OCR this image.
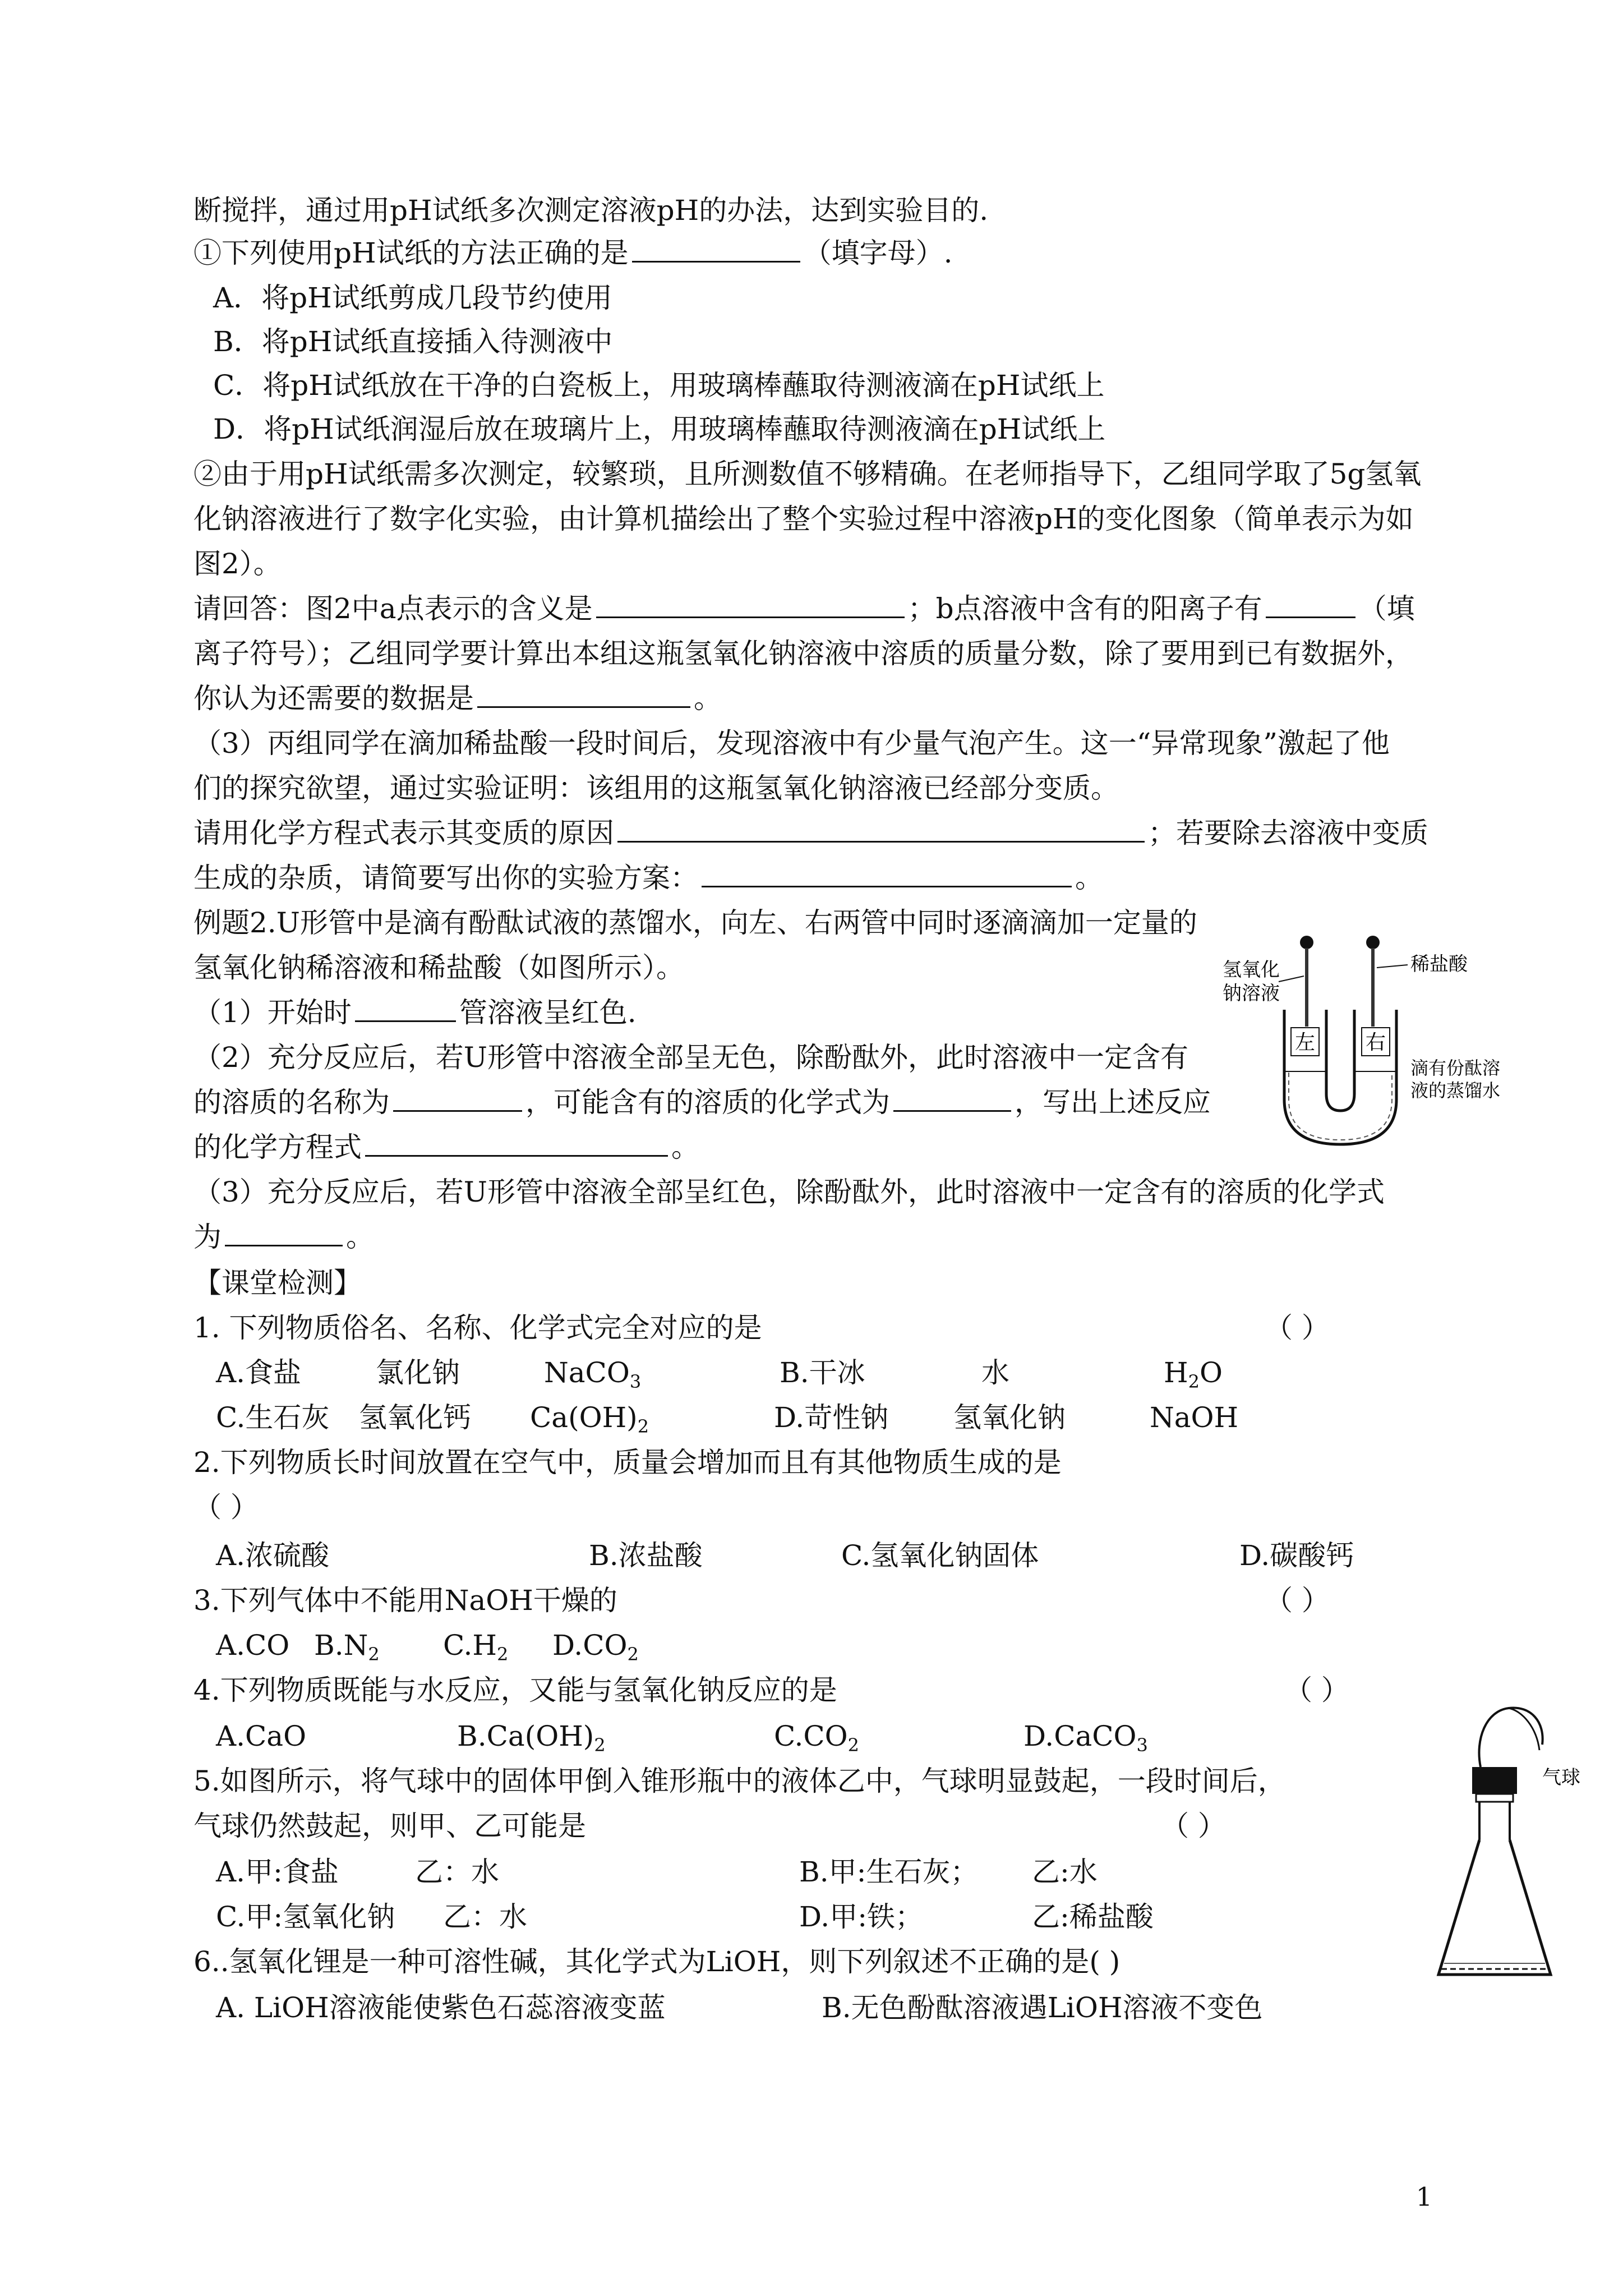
断搅拌，通过用pH试纸多次测定溶液pH的办法，达到实验目的.
①下列使用pH试纸的方法正确的是	（填字母）.
A．将pH试纸剪成几段节约使用
B．将pH试纸直接插入待测液中
C．将pH试纸放在干净的白瓷板上，用玻璃棒蘸取待测液滴在pH试纸上
D．将pH试纸润湿后放在玻璃片上，用玻璃棒蘸取待测液滴在pH试纸上
②由于用pH试纸需多次测定，较繁琐，且所测数值不够精确。在老师指导下，乙组同学取了5g氢氧
化钠溶液进行了数字化实验，由计算机描绘出了整个实验过程中溶液pH的变化图象（简单表示为如
图2）。
请回答：图2中a点表示的含义是	；b点溶液中含有的阳离子有	（填
离子符号）；乙组同学要计算出本组这瓶氢氧化钠溶液中溶质的质量分数，除了要用到已有数据外，
你认为还需要的数据是	。
（3）丙组同学在滴加稀盐酸一段时间后，发现溶液中有少量气泡产生。这一“异常现象”激起了他
们的探究欲望，通过实验证明：该组用的这瓶氢氧化钠溶液已经部分变质。
请用化学方程式表示其变质的原因	；若要除去溶液中变质
生成的杂质，请简要写出你的实验方案：	。
例题2.U形管中是滴有酚酞试液的蒸馏水，向左、右两管中同时逐滴滴加一定量的
氢氧化钠稀溶液和稀盐酸（如图所示）。
（1）开始时	管溶液呈红色.
（2）充分反应后，若U形管中溶液全部呈无色，除酚酞外，此时溶液中一定含有
的溶质的名称为	，可能含有的溶质的化学式为	，写出上述反应
的化学方程式	。
（3）充分反应后，若U形管中溶液全部呈红色，除酚酞外，此时溶液中一定含有的溶质的化学式
为	。
左 右
氢氧化
钠溶液
稀盐酸
滴有份酞溶
液的蒸馏水
【课堂检测】
1. 下列物质俗名、名称、化学式完全对应的是	（ ）
A.食盐	氯化钠	NaCO$_3$	B.干冰	水	$H_2O$
C.生石灰 氢氧化钙 $Ca(OH)_2$	D.苛性钠 氢氧化钠	NaOH
2.下列物质长时间放置在空气中，质量会增加而且有其他物质生成的是
（ ）
A.浓硫酸	B.浓盐酸	C.氢氧化钠固体	D.碳酸钙
3.下列气体中不能用NaOH干燥的	（ ）
A.CO $B.N_2$ $C.H_2$ $D.CO_2$
4.下列物质既能与水反应，又能与氢氧化钠反应的是	（ ）
A.CaO	$B.Ca(OH)_2$	$C.CO_2$	D.CaCO$_3$
5.如图所示，将气球中的固体甲倒入锥形瓶中的液体乙中，气球明显鼓起，一段时间后，
气球仍然鼓起，则甲、乙可能是	（ ）
A.甲:食盐	乙：水	B.甲:生石灰； 乙:水
C.甲:氢氧化钠 乙：水	D.甲:铁；	乙:稀盐酸
气球
6..氢氧化锂是一种可溶性碱，其化学式为LiOH，则下列叙述不正确的是( )
A. LiOH溶液能使紫色石蕊溶液变蓝	B.无色酚酞溶液遇LiOH溶液不变色
1
